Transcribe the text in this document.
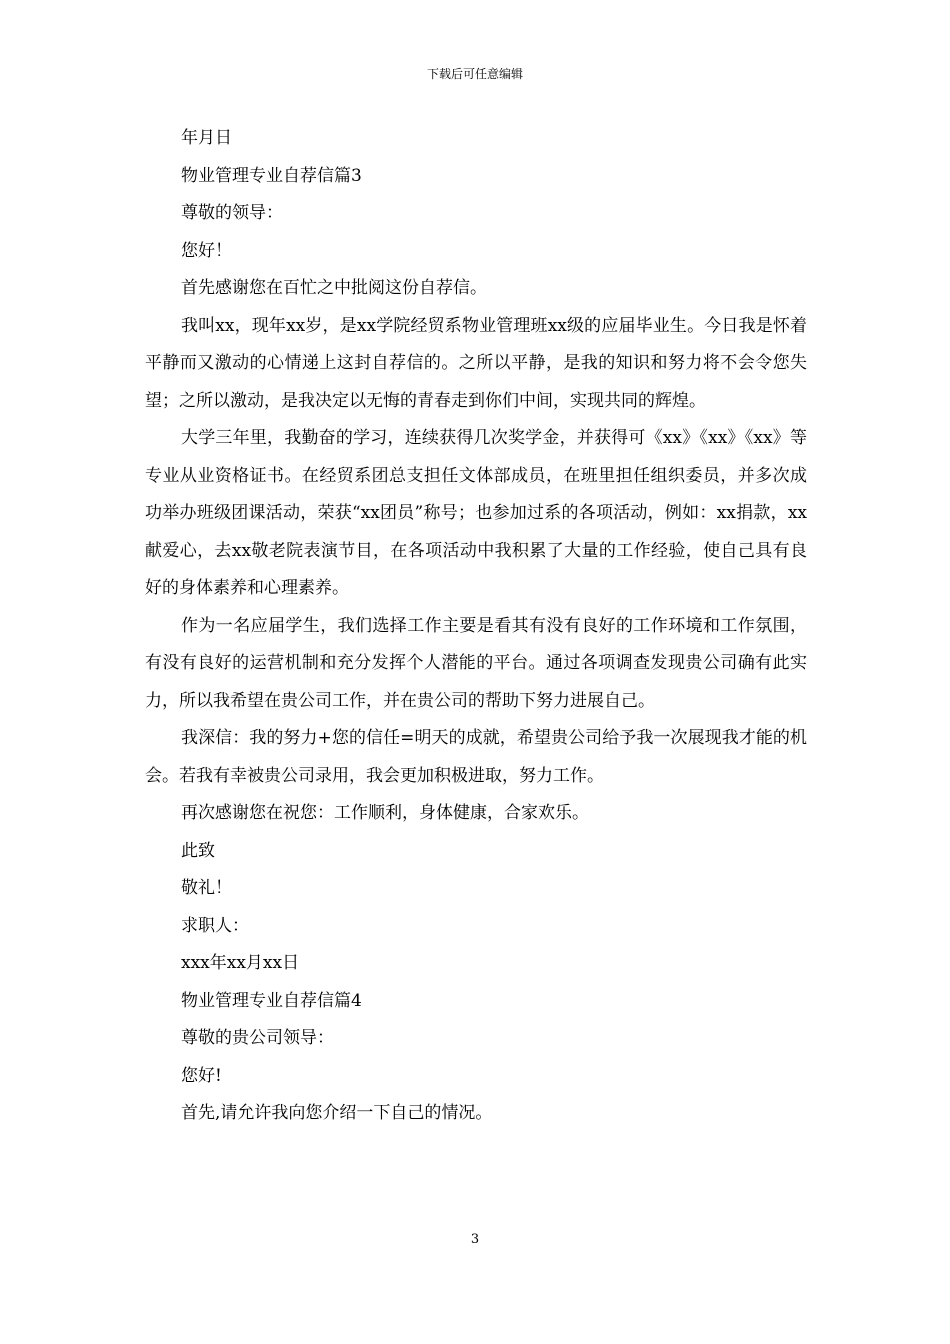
下载后可任意编辑

年月日

物业管理专业自荐信篇3

尊敬的领导：

您好！

首先感谢您在百忙之中批阅这份自荐信。

我叫xx，现年xx岁，是xx学院经贸系物业管理班xx级的应届毕业生。今日我是怀着平静而又激动的心情递上这封自荐信的。之所以平静，是我的知识和努力将不会令您失望；之所以激动，是我决定以无悔的青春走到你们中间，实现共同的辉煌。

大学三年里，我勤奋的学习，连续获得几次奖学金，并获得可《xx》《xx》《xx》等专业从业资格证书。在经贸系团总支担任文体部成员，在班里担任组织委员，并多次成功举办班级团课活动，荣获“xx团员”称号；也参加过系的各项活动，例如：xx捐款，xx献爱心，去xx敬老院表演节目，在各项活动中我积累了大量的工作经验，使自己具有良好的身体素养和心理素养。

作为一名应届学生，我们选择工作主要是看其有没有良好的工作环境和工作氛围，有没有良好的运营机制和充分发挥个人潜能的平台。通过各项调查发现贵公司确有此实力，所以我希望在贵公司工作，并在贵公司的帮助下努力进展自己。

我深信：我的努力+您的信任=明天的成就，希望贵公司给予我一次展现我才能的机会。若我有幸被贵公司录用，我会更加积极进取，努力工作。

再次感谢您在祝您：工作顺利，身体健康，合家欢乐。

此致

敬礼！

求职人：

xxx年xx月xx日

物业管理专业自荐信篇4

尊敬的贵公司领导：

您好!

首先,请允许我向您介绍一下自己的情况。

3
